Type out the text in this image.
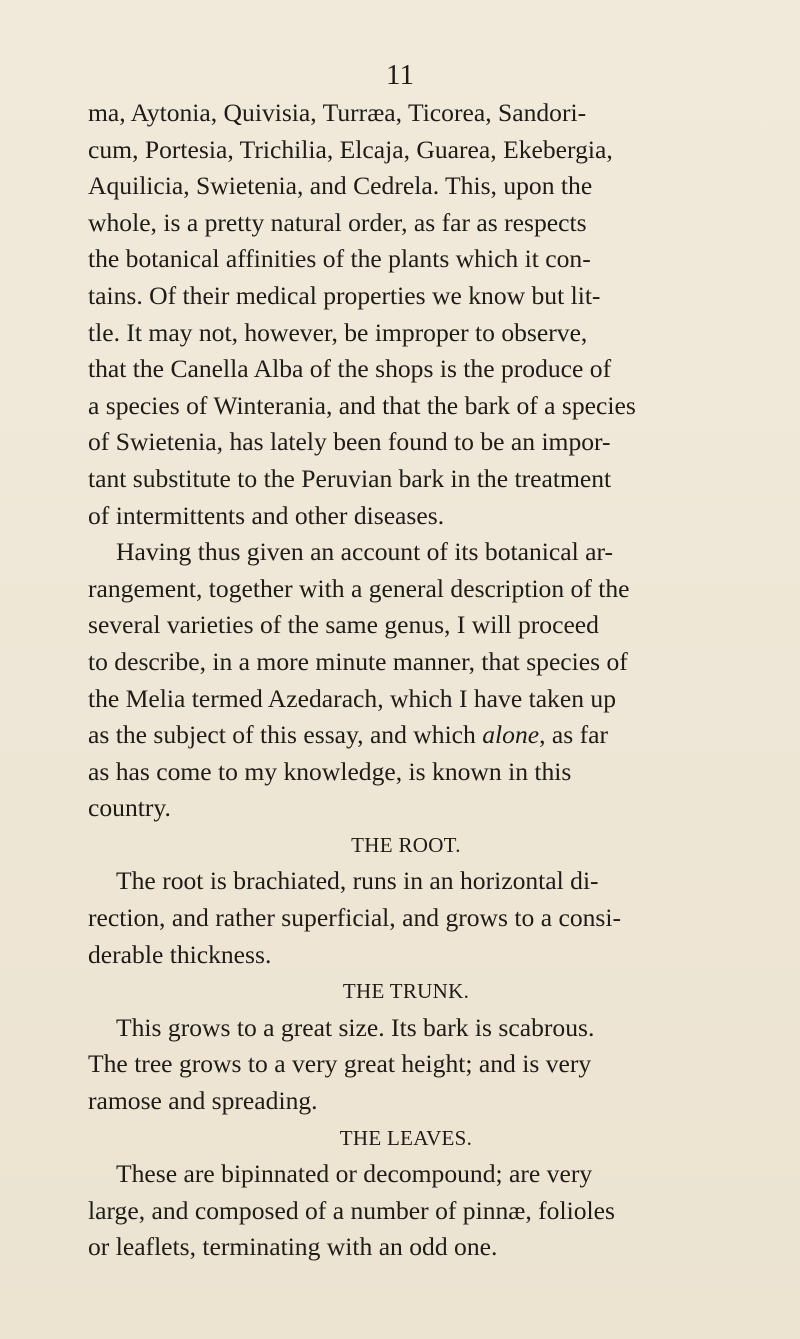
11
ma, Aytonia, Quivisia, Turræa, Ticorea, Sandori-
cum, Portesia, Trichilia, Elcaja, Guarea, Ekebergia,
Aquilicia, Swietenia, and Cedrela. This, upon the
whole, is a pretty natural order, as far as respects
the botanical affinities of the plants which it con-
tains. Of their medical properties we know but lit-
tle. It may not, however, be improper to observe,
that the Canella Alba of the shops is the produce of
a species of Winterania, and that the bark of a species
of Swietenia, has lately been found to be an impor-
tant substitute to the Peruvian bark in the treatment
of intermittents and other diseases.
Having thus given an account of its botanical ar-
rangement, together with a general description of the
several varieties of the same genus, I will proceed
to describe, in a more minute manner, that species of
the Melia termed Azedarach, which I have taken up
as the subject of this essay, and which alone, as far
as has come to my knowledge, is known in this
country.
THE ROOT.
The root is brachiated, runs in an horizontal di-
rection, and rather superficial, and grows to a consi-
derable thickness.
THE TRUNK.
This grows to a great size. Its bark is scabrous.
The tree grows to a very great height; and is very
ramose and spreading.
THE LEAVES.
These are bipinnated or decompound; are very
large, and composed of a number of pinnæ, folioles
or leaflets, terminating with an odd one.
